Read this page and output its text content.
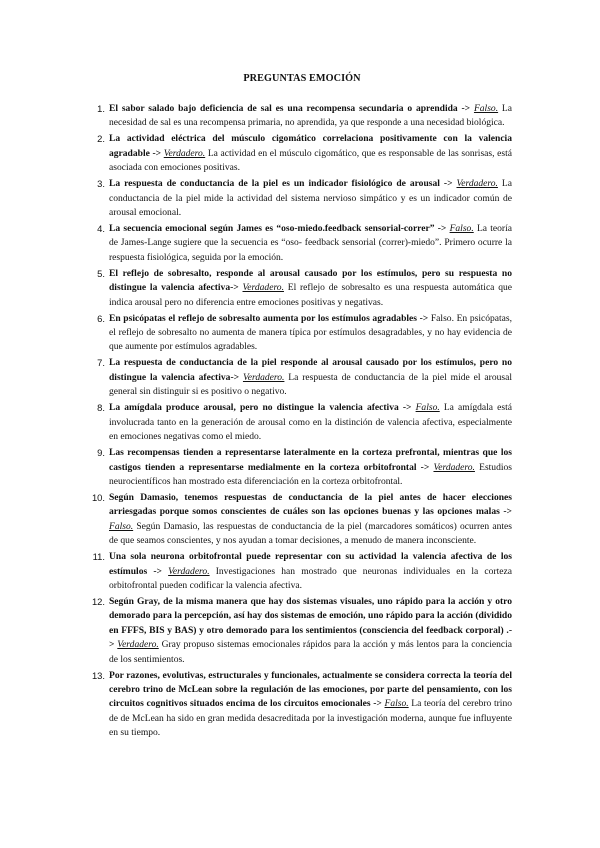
PREGUNTAS EMOCIÓN
1. El sabor salado bajo deficiencia de sal es una recompensa secundaria o aprendida -> Falso. La necesidad de sal es una recompensa primaria, no aprendida, ya que responde a una necesidad biológica.
2. La actividad eléctrica del músculo cigomático correlaciona positivamente con la valencia agradable -> Verdadero. La actividad en el músculo cigomático, que es responsable de las sonrisas, está asociada con emociones positivas.
3. La respuesta de conductancia de la piel es un indicador fisiológico de arousal -> Verdadero. La conductancia de la piel mide la actividad del sistema nervioso simpático y es un indicador común de arousal emocional.
4. La secuencia emocional según James es “oso-miedo.feedback sensorial-correr” -> Falso. La teoría de James-Lange sugiere que la secuencia es “oso- feedback sensorial (correr)-miedo”. Primero ocurre la respuesta fisiológica, seguida por la emoción.
5. El reflejo de sobresalto, responde al arousal causado por los estímulos, pero su respuesta no distingue la valencia afectiva-> Verdadero. El reflejo de sobresalto es una respuesta automática que indica arousal pero no diferencia entre emociones positivas y negativas.
6. En psicópatas el reflejo de sobresalto aumenta por los estímulos agradables -> Falso. En psicópatas, el reflejo de sobresalto no aumenta de manera típica por estímulos desagradables, y no hay evidencia de que aumente por estímulos agradables.
7. La respuesta de conductancia de la piel responde al arousal causado por los estímulos, pero no distingue la valencia afectiva-> Verdadero. La respuesta de conductancia de la piel mide el arousal general sin distinguir si es positivo o negativo.
8. La amígdala produce arousal, pero no distingue la valencia afectiva -> Falso. La amígdala está involucrada tanto en la generación de arousal como en la distinción de valencia afectiva, especialmente en emociones negativas como el miedo.
9. Las recompensas tienden a representarse lateralmente en la corteza prefrontal, mientras que los castigos tienden a representarse medialmente en la corteza orbitofrontal -> Verdadero. Estudios neurocientíficos han mostrado esta diferenciación en la corteza orbitofrontal.
10. Según Damasio, tenemos respuestas de conductancia de la piel antes de hacer elecciones arriesgadas porque somos conscientes de cuáles son las opciones buenas y las opciones malas -> Falso. Según Damasio, las respuestas de conductancia de la piel (marcadores somáticos) ocurren antes de que seamos conscientes, y nos ayudan a tomar decisiones, a menudo de manera inconsciente.
11. Una sola neurona orbitofrontal puede representar con su actividad la valencia afectiva de los estímulos -> Verdadero. Investigaciones han mostrado que neuronas individuales en la corteza orbitofrontal pueden codificar la valencia afectiva.
12. Según Gray, de la misma manera que hay dos sistemas visuales, uno rápido para la acción y otro demorado para la percepción, así hay dos sistemas de emoción, uno rápido para la acción (dividido en FFFS, BIS y BAS) y otro demorado para los sentimientos (consciencia del feedback corporal) .-> Verdadero. Gray propuso sistemas emocionales rápidos para la acción y más lentos para la conciencia de los sentimientos.
13. Por razones, evolutivas, estructurales y funcionales, actualmente se considera correcta la teoría del cerebro trino de McLean sobre la regulación de las emociones, por parte del pensamiento, con los circuitos cognitivos situados encima de los circuitos emocionales -> Falso. La teoría del cerebro trino de de McLean ha sido en gran medida desacreditada por la investigación moderna, aunque fue influyente en su tiempo.
